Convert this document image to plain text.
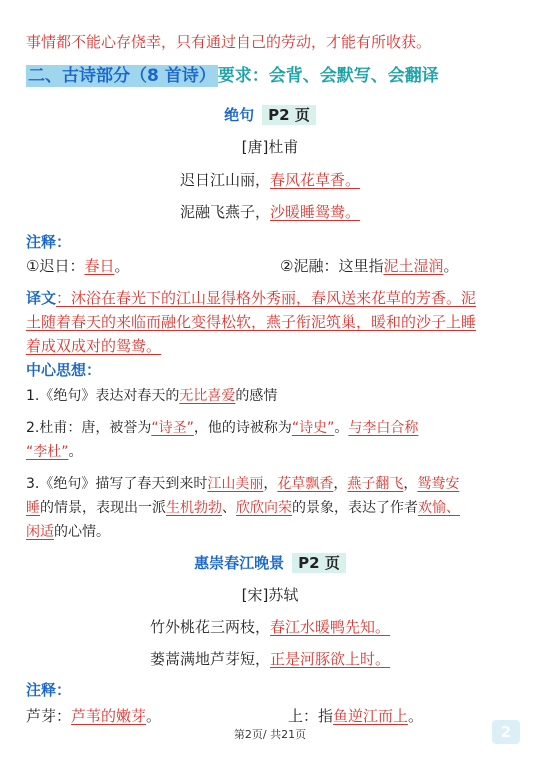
事情都不能心存侥幸，只有通过自己的劳动，才能有所收获。
二、古诗部分（8 首诗） 要求：会背、会默写、会翻译
绝句 P2 页
[唐]杜甫
迟日江山丽，春风花草香。
泥融飞燕子，沙暖睡鸳鸯。
注释：
①迟日：春日。	②泥融：这里指泥土湿润。
译文：沐浴在春光下的江山显得格外秀丽，春风送来花草的芳香。泥
土随着春天的来临而融化变得松软，燕子衔泥筑巢，暖和的沙子上睡
着成双成对的鸳鸯。
中心思想：
1.《绝句》表达对春天的无比喜爱的感情
2.杜甫：唐，被誉为“诗圣”，他的诗被称为“诗史”。与李白合称
“李杜”。
3.《绝句》描写了春天到来时江山美丽，花草飘香，燕子翻飞，鸳鸯安
睡的情景，表现出一派生机勃勃、欣欣向荣的景象，表达了作者欢愉、
闲适的心情。
惠崇春江晚景 P2 页
[宋]苏轼
竹外桃花三两枝，春江水暖鸭先知。
蒌蒿满地芦芽短，正是河豚欲上时。
注释：
芦芽：芦苇的嫩芽。	上：指鱼逆江而上。
第2页/ 共21页	2
